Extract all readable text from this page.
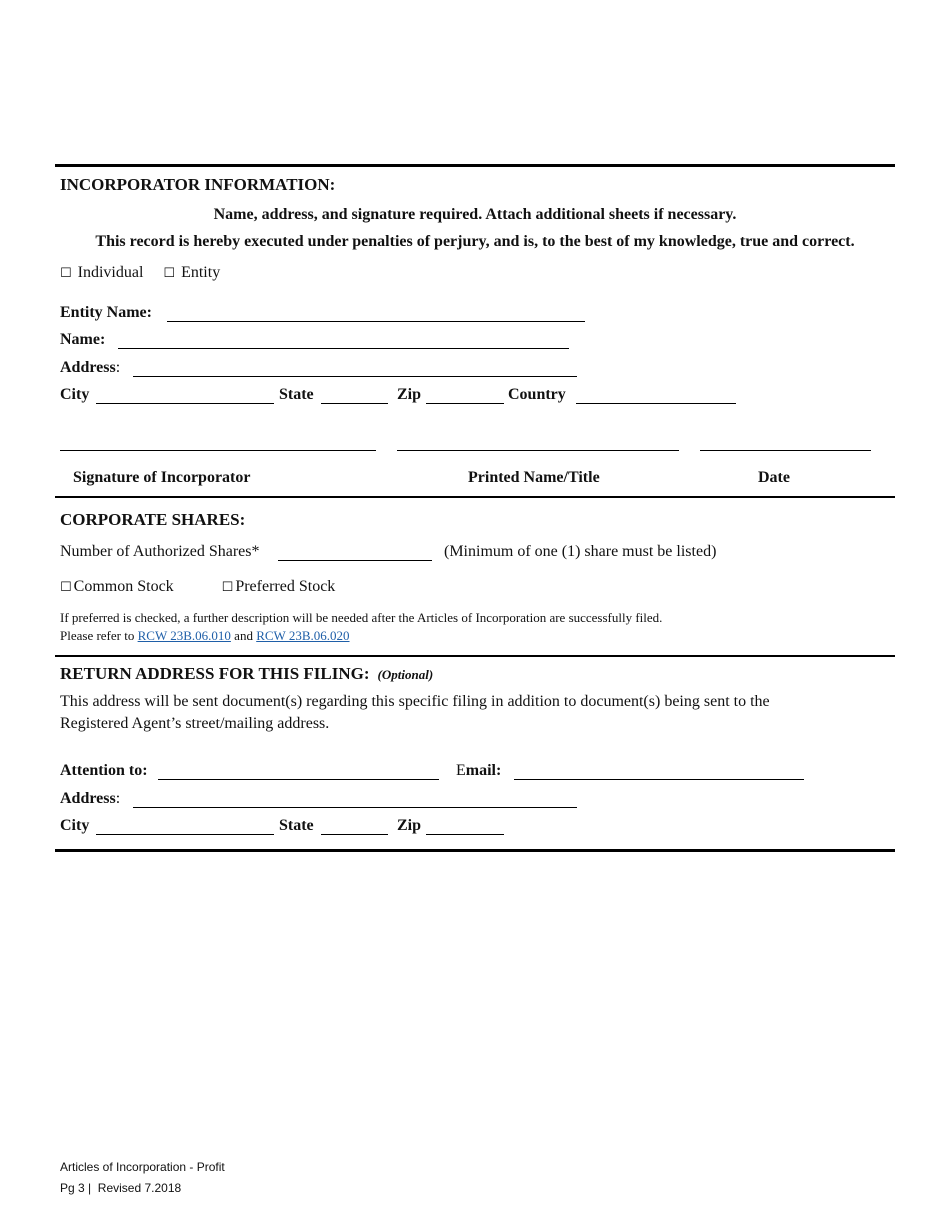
INCORPORATOR INFORMATION:
Name, address, and signature required. Attach additional sheets if necessary.
This record is hereby executed under penalties of perjury, and is, to the best of my knowledge, true and correct.
☐ Individual ☐ Entity
Entity Name:
Name:
Address:
City	State	Zip	Country
Signature of Incorporator	Printed Name/Title	Date
CORPORATE SHARES:
Number of Authorized Shares*	(Minimum of one (1) share must be listed)
☐ Common Stock	☐ Preferred Stock
If preferred is checked, a further description will be needed after the Articles of Incorporation are successfully filed.
Please refer to RCW 23B.06.010 and RCW 23B.06.020
RETURN ADDRESS FOR THIS FILING: (Optional)
This address will be sent document(s) regarding this specific filing in addition to document(s) being sent to the
Registered Agent’s street/mailing address.
Attention to:	Email:
Address:
City	State	Zip
Articles of Incorporation - Profit
Pg 3 |  Revised 7.2018
